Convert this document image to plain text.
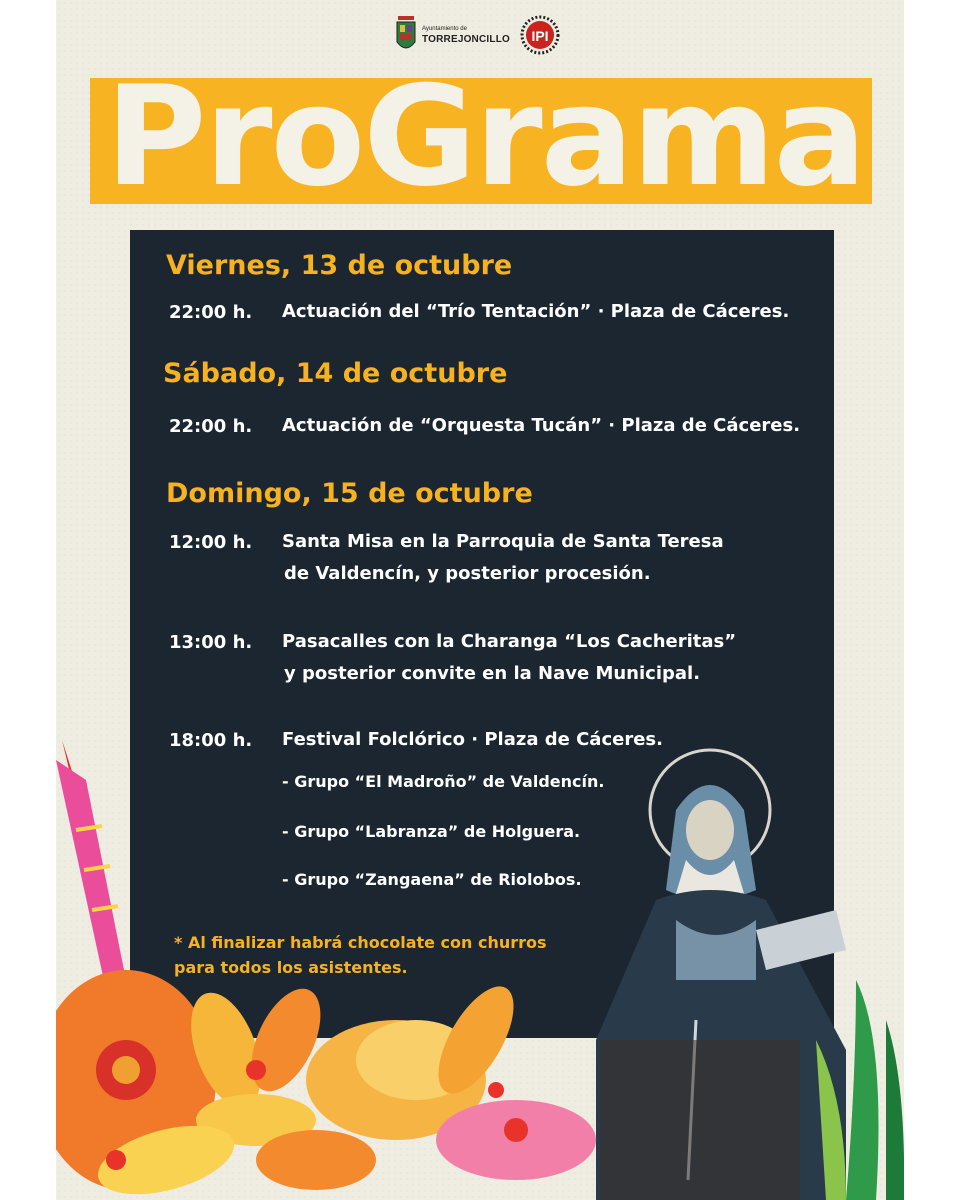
Ayuntamiento de
TORREJONCILLO IPI
ProGrama
Viernes, 13 de octubre
22:00 h. Actuación del “Trío Tentación” · Plaza de Cáceres.
Sábado, 14 de octubre
22:00 h. Actuación de “Orquesta Tucán” · Plaza de Cáceres.
Domingo, 15 de octubre
12:00 h. Santa Misa en la Parroquia de Santa Teresa
de Valdencín, y posterior procesión.
13:00 h. Pasacalles con la Charanga “Los Cacheritas”
y posterior convite en la Nave Municipal.
18:00 h. Festival Folclórico · Plaza de Cáceres.
- Grupo “El Madroño” de Valdencín.
- Grupo “Labranza” de Holguera.
- Grupo “Zangaena” de Riolobos.
* Al finalizar habrá chocolate con churros
para todos los asistentes.
